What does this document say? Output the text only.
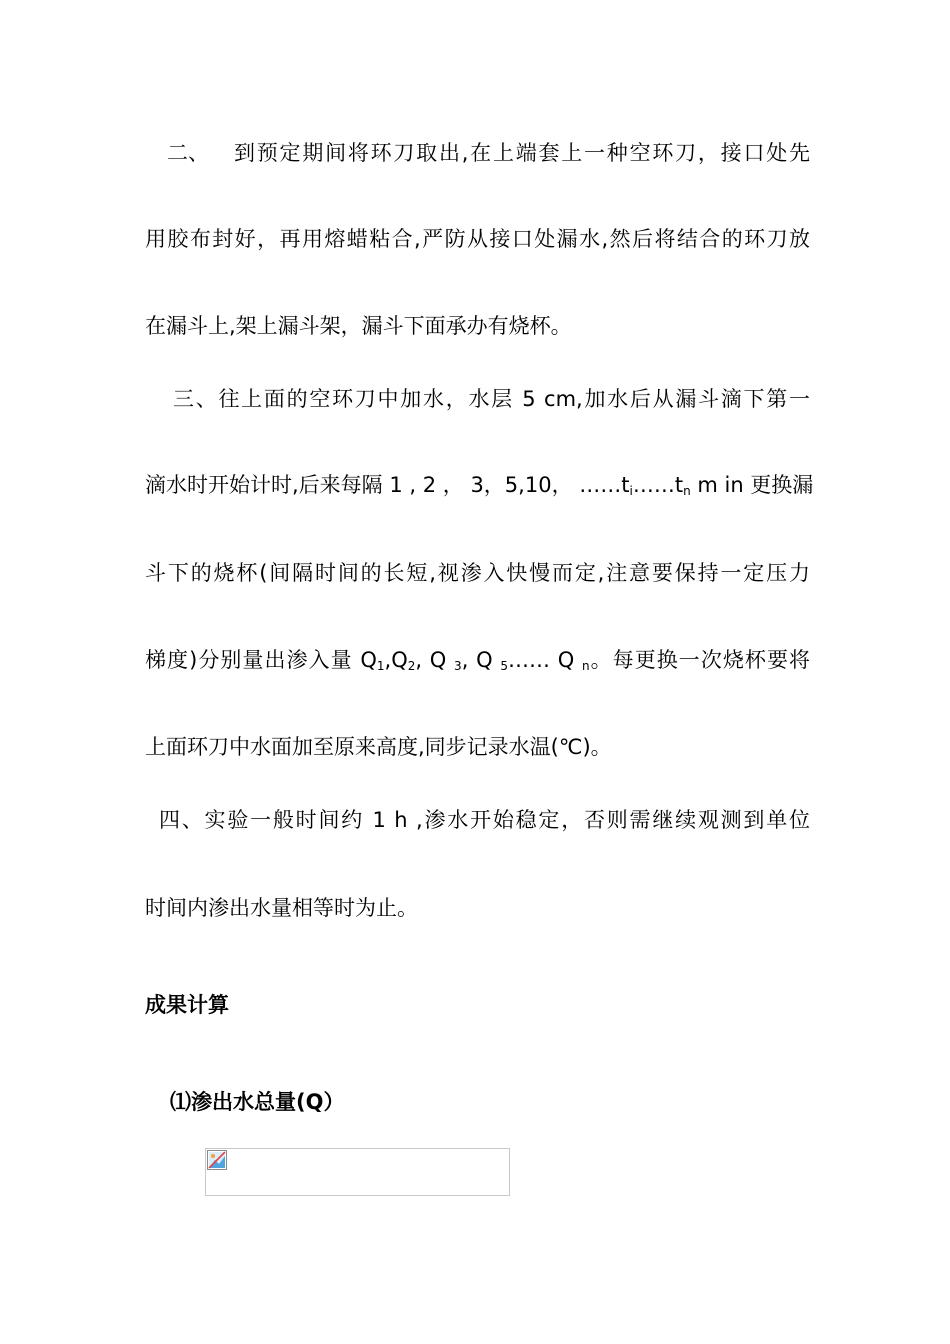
二、 到预定期间将环刀取出,在上端套上一种空环刀，接口处先
用胶布封好，再用熔蜡粘合,严防从接口处漏水,然后将结合的环刀放
在漏斗上,架上漏斗架，漏斗下面承办有烧杯。
三、往上面的空环刀中加水，水层 5 cm,加水后从漏斗滴下第一
滴水时开始计时,后来每隔 1 , 2 ， 3，5,10， $\dots\dots t_i\dots\dots t_n$ m in 更换漏
斗下的烧杯(间隔时间的长短,视渗入快慢而定,注意要保持一定压力
梯度)分别量出渗入量 $Q_1,Q_2$, Q $_3$, Q $_5$…… Q $_n$。每更换一次烧杯要将
上面环刀中水面加至原来高度,同步记录水温(℃)。
四、实验一般时间约 1 h ,渗水开始稳定，否则需继续观测到单位
时间内渗出水量相等时为止。
成果计算
⑴渗出水总量(Q）
